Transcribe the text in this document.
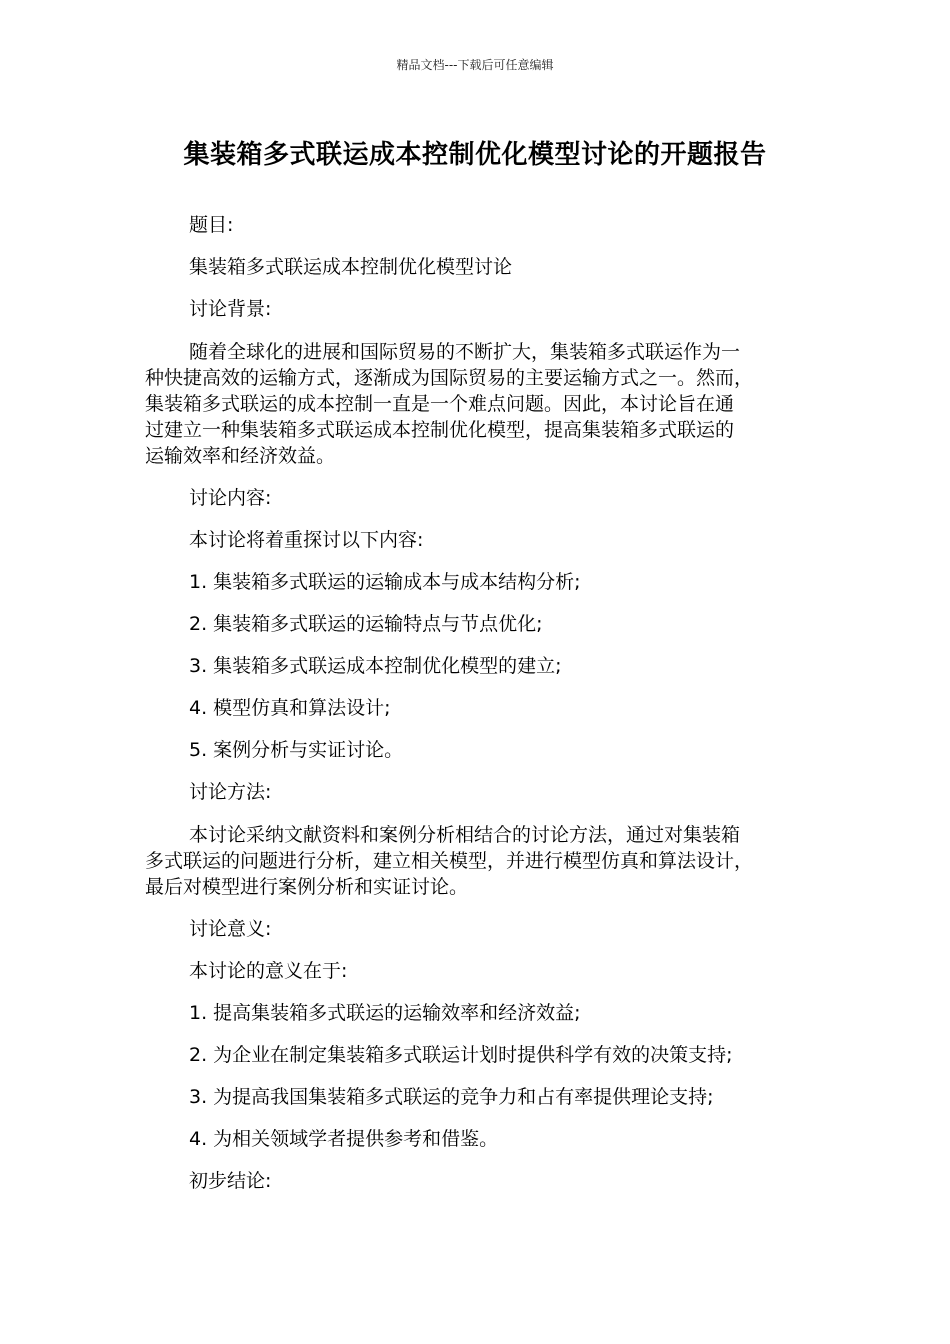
精品文档---下载后可任意编辑
集装箱多式联运成本控制优化模型讨论的开题报告

题目:

集装箱多式联运成本控制优化模型讨论

讨论背景:

随着全球化的进展和国际贸易的不断扩大，集装箱多式联运作为一
种快捷高效的运输方式，逐渐成为国际贸易的主要运输方式之一。然而，
集装箱多式联运的成本控制一直是一个难点问题。因此，本讨论旨在通
过建立一种集装箱多式联运成本控制优化模型，提高集装箱多式联运的
运输效率和经济效益。

讨论内容:

本讨论将着重探讨以下内容:

1. 集装箱多式联运的运输成本与成本结构分析;

2. 集装箱多式联运的运输特点与节点优化;

3. 集装箱多式联运成本控制优化模型的建立;

4. 模型仿真和算法设计;

5. 案例分析与实证讨论。

讨论方法:

本讨论采纳文献资料和案例分析相结合的讨论方法，通过对集装箱
多式联运的问题进行分析，建立相关模型，并进行模型仿真和算法设计，
最后对模型进行案例分析和实证讨论。

讨论意义:

本讨论的意义在于:

1. 提高集装箱多式联运的运输效率和经济效益;

2. 为企业在制定集装箱多式联运计划时提供科学有效的决策支持;

3. 为提高我国集装箱多式联运的竞争力和占有率提供理论支持;

4. 为相关领域学者提供参考和借鉴。

初步结论:
